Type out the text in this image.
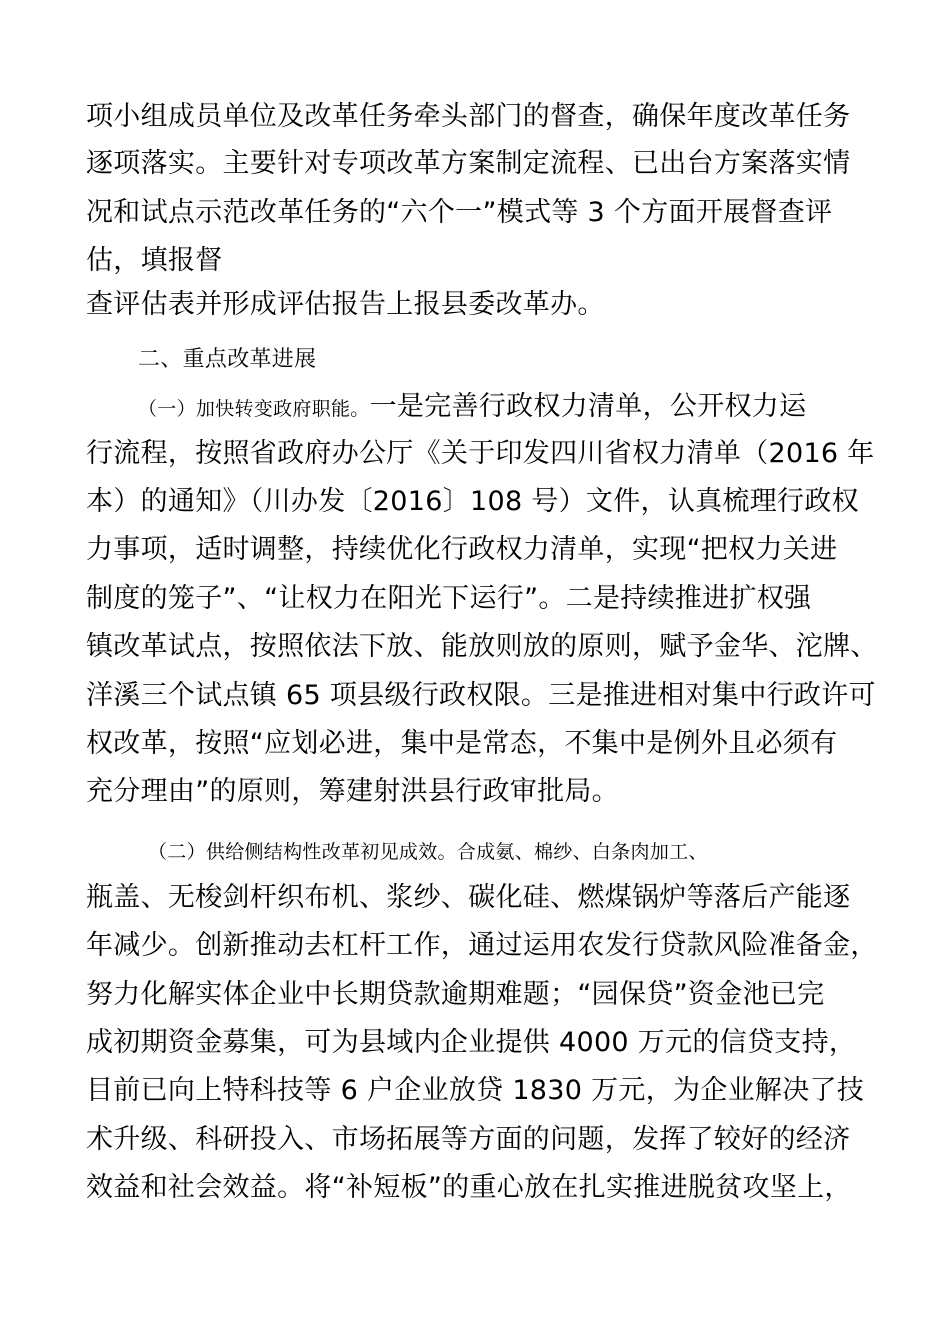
项小组成员单位及改革任务牵头部门的督查，确保年度改革任务
逐项落实。主要针对专项改革方案制定流程、已出台方案落实情
况和试点示范改革任务的“六个一”模式等 3 个方面开展督查评
估，填报督
查评估表并形成评估报告上报县委改革办。
二、重点改革进展
（一）加快转变政府职能。一是完善行政权力清单，公开权力运
行流程，按照省政府办公厅《关于印发四川省权力清单（2016 年
本）的通知》（川办发〔2016〕108 号）文件，认真梳理行政权
力事项，适时调整，持续优化行政权力清单，实现“把权力关进
制度的笼子”、“让权力在阳光下运行”。二是持续推进扩权强
镇改革试点，按照依法下放、能放则放的原则，赋予金华、沱牌、
洋溪三个试点镇 65 项县级行政权限。三是推进相对集中行政许可
权改革，按照“应划必进，集中是常态，不集中是例外且必须有
充分理由”的原则，筹建射洪县行政审批局。
（二）供给侧结构性改革初见成效。合成氨、棉纱、白条肉加工、
瓶盖、无梭剑杆织布机、浆纱、碳化硅、燃煤锅炉等落后产能逐
年减少。创新推动去杠杆工作，通过运用农发行贷款风险准备金，
努力化解实体企业中长期贷款逾期难题；“园保贷”资金池已完
成初期资金募集，可为县域内企业提供 4000 万元的信贷支持，
目前已向上特科技等 6 户企业放贷 1830 万元，为企业解决了技
术升级、科研投入、市场拓展等方面的问题，发挥了较好的经济
效益和社会效益。将“补短板”的重心放在扎实推进脱贫攻坚上，
